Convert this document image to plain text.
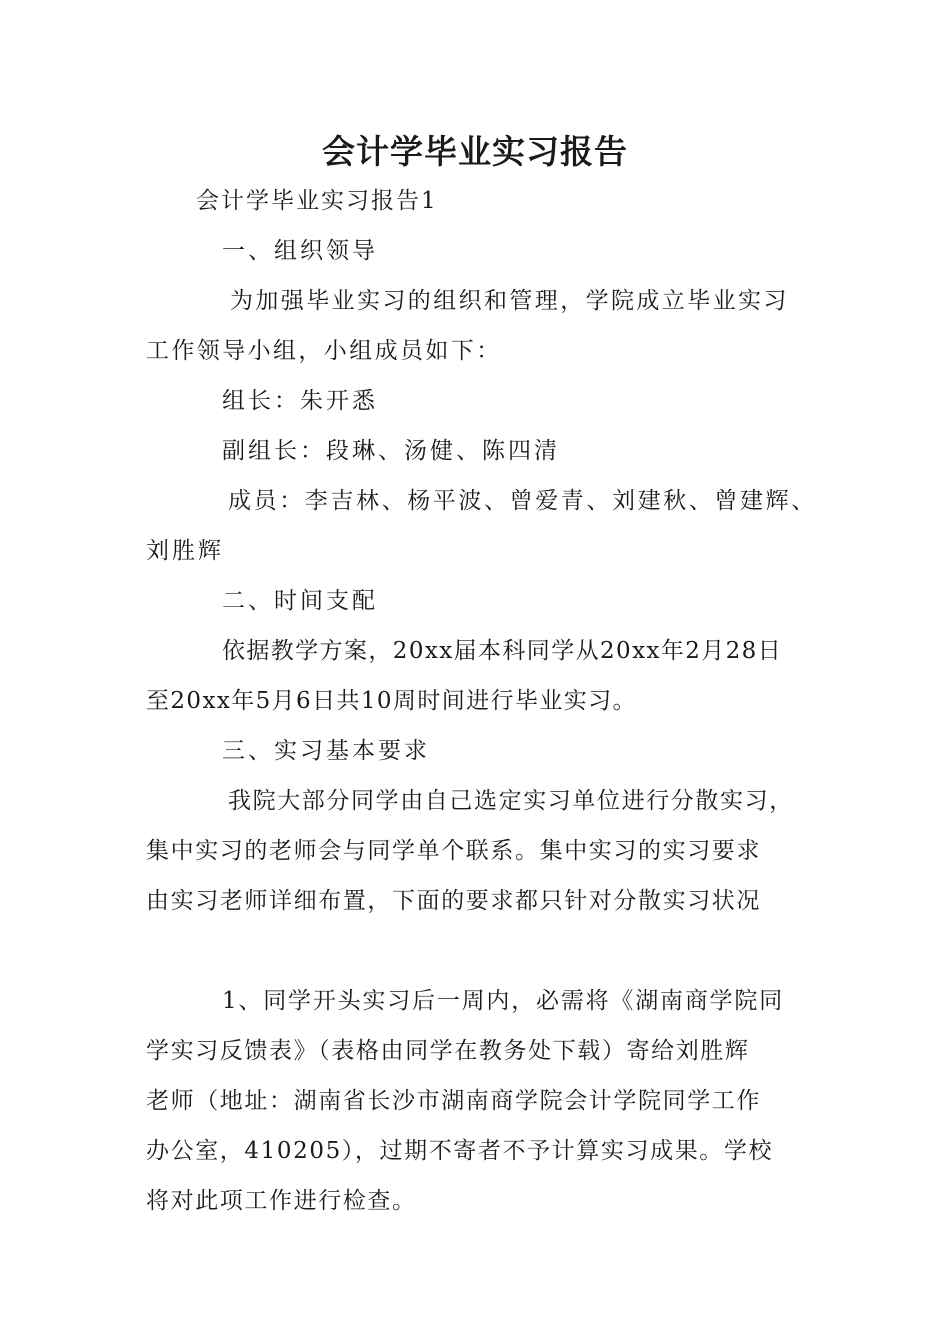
会计学毕业实习报告
会计学毕业实习报告1
一、组织领导
为加强毕业实习的组织和管理，学院成立毕业实习
工作领导小组，小组成员如下：
组长：朱开悉
副组长：段琳、汤健、陈四清
成员：李吉林、杨平波、曾爱青、刘建秋、曾建辉、
刘胜辉
二、时间支配
依据教学方案，20xx届本科同学从20xx年2月28日
至20xx年5月6日共10周时间进行毕业实习。
三、实习基本要求
我院大部分同学由自己选定实习单位进行分散实习，
集中实习的老师会与同学单个联系。集中实习的实习要求
由实习老师详细布置，下面的要求都只针对分散实习状况
1、同学开头实习后一周内，必需将《湖南商学院同
学实习反馈表》（表格由同学在教务处下载）寄给刘胜辉
老师（地址：湖南省长沙市湖南商学院会计学院同学工作
办公室，410205），过期不寄者不予计算实习成果。学校
将对此项工作进行检查。
